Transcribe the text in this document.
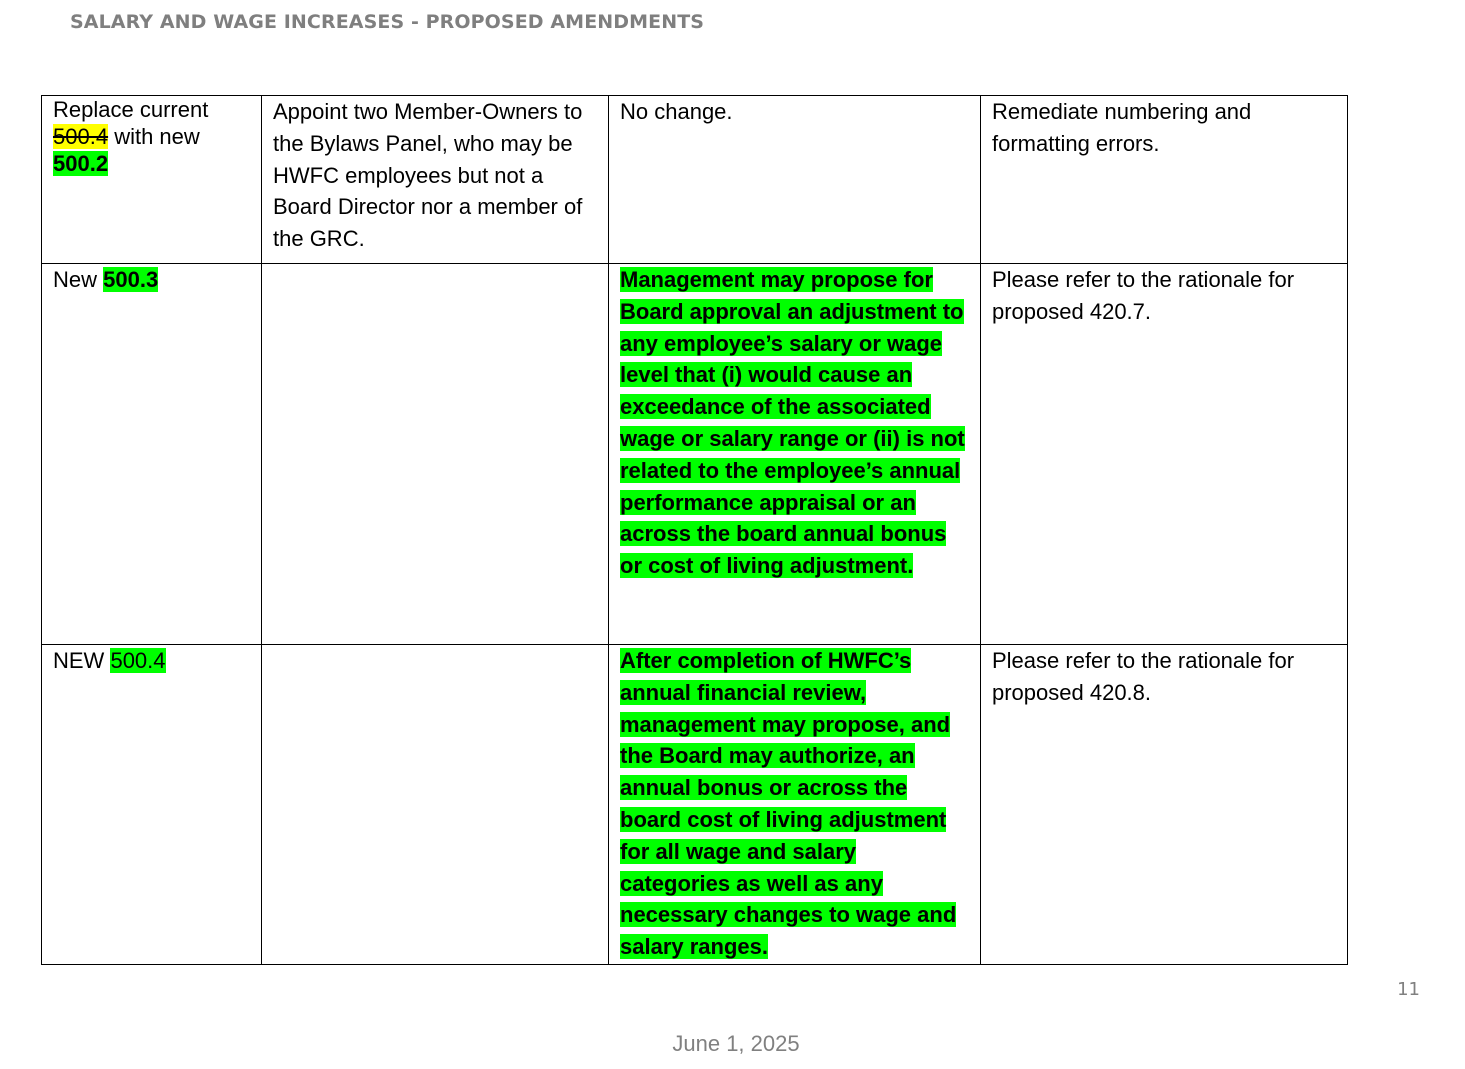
SALARY AND WAGE INCREASES - PROPOSED AMENDMENTS
Replace current
500.4 with new
500.2	Appoint two Member-Owners to the Bylaws Panel, who may be HWFC employees but not a Board Director nor a member of the GRC.	No change.	Remediate numbering and formatting errors.
New 500.3		Management may propose for Board approval an adjustment to any employee’s salary or wage level that (i) would cause an exceedance of the associated wage or salary range or (ii) is not related to the employee’s annual performance appraisal or an across the board annual bonus or cost of living adjustment.	Please refer to the rationale for proposed 420.7.
NEW 500.4		After completion of HWFC’s annual financial review, management may propose, and the Board may authorize, an annual bonus or across the board cost of living adjustment for all wage and salary categories as well as any necessary changes to wage and salary ranges.	Please refer to the rationale for proposed 420.8.
11
June 1, 2025
